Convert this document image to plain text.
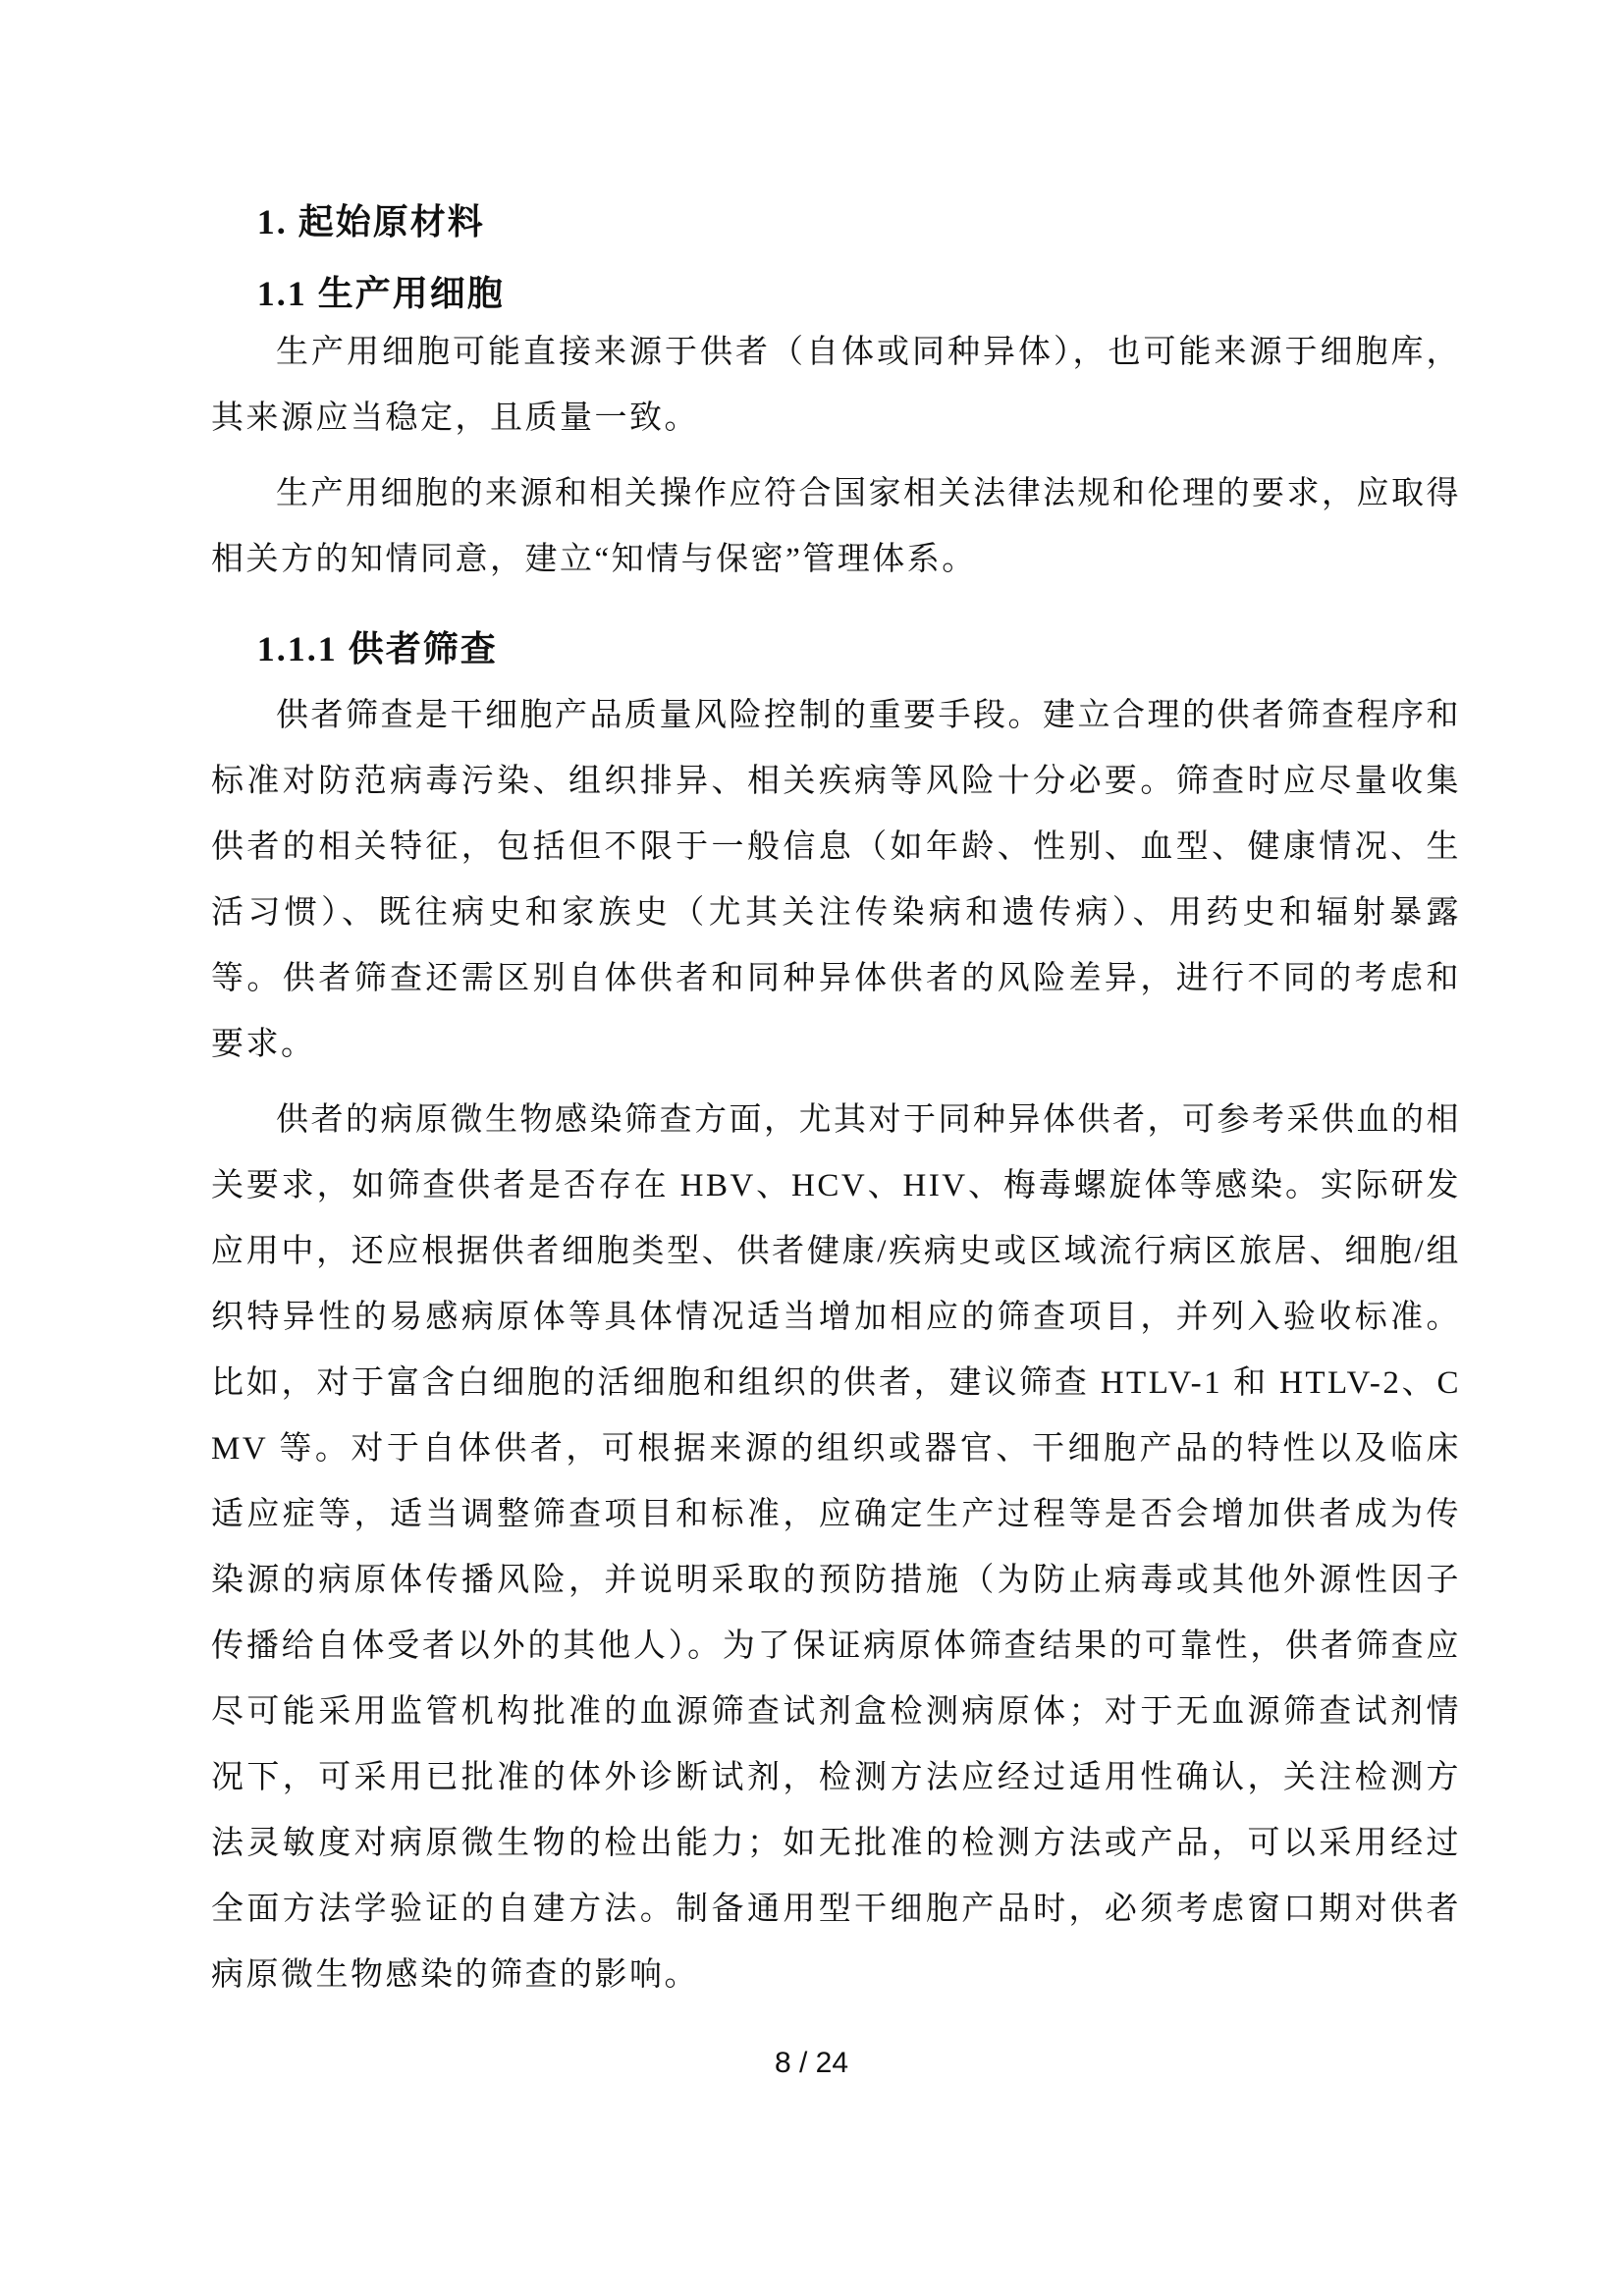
1. 起始原材料
1.1 生产用细胞

生产用细胞可能直接来源于供者（自体或同种异体），也可能来源于细胞库，其来源应当稳定，且质量一致。

生产用细胞的来源和相关操作应符合国家相关法律法规和伦理的要求，应取得相关方的知情同意，建立“知情与保密”管理体系。

1.1.1 供者筛查

供者筛查是干细胞产品质量风险控制的重要手段。建立合理的供者筛查程序和标准对防范病毒污染、组织排异、相关疾病等风险十分必要。筛查时应尽量收集供者的相关特征，包括但不限于一般信息（如年龄、性别、血型、健康情况、生活习惯）、既往病史和家族史（尤其关注传染病和遗传病）、用药史和辐射暴露等。供者筛查还需区别自体供者和同种异体供者的风险差异，进行不同的考虑和要求。

供者的病原微生物感染筛查方面，尤其对于同种异体供者，可参考采供血的相关要求，如筛查供者是否存在 HBV、HCV、HIV、梅毒螺旋体等感染。实际研发应用中，还应根据供者细胞类型、供者健康/疾病史或区域流行病区旅居、细胞/组织特异性的易感病原体等具体情况适当增加相应的筛查项目，并列入验收标准。比如，对于富含白细胞的活细胞和组织的供者，建议筛查 HTLV-1 和 HTLV-2、CMV 等。对于自体供者，可根据来源的组织或器官、干细胞产品的特性以及临床适应症等，适当调整筛查项目和标准，应确定生产过程等是否会增加供者成为传染源的病原体传播风险，并说明采取的预防措施（为防止病毒或其他外源性因子传播给自体受者以外的其他人）。为了保证病原体筛查结果的可靠性，供者筛查应尽可能采用监管机构批准的血源筛查试剂盒检测病原体；对于无血源筛查试剂情况下，可采用已批准的体外诊断试剂，检测方法应经过适用性确认，关注检测方法灵敏度对病原微生物的检出能力；如无批准的检测方法或产品，可以采用经过全面方法学验证的自建方法。制备通用型干细胞产品时，必须考虑窗口期对供者病原微生物感染的筛查的影响。

8 / 24
